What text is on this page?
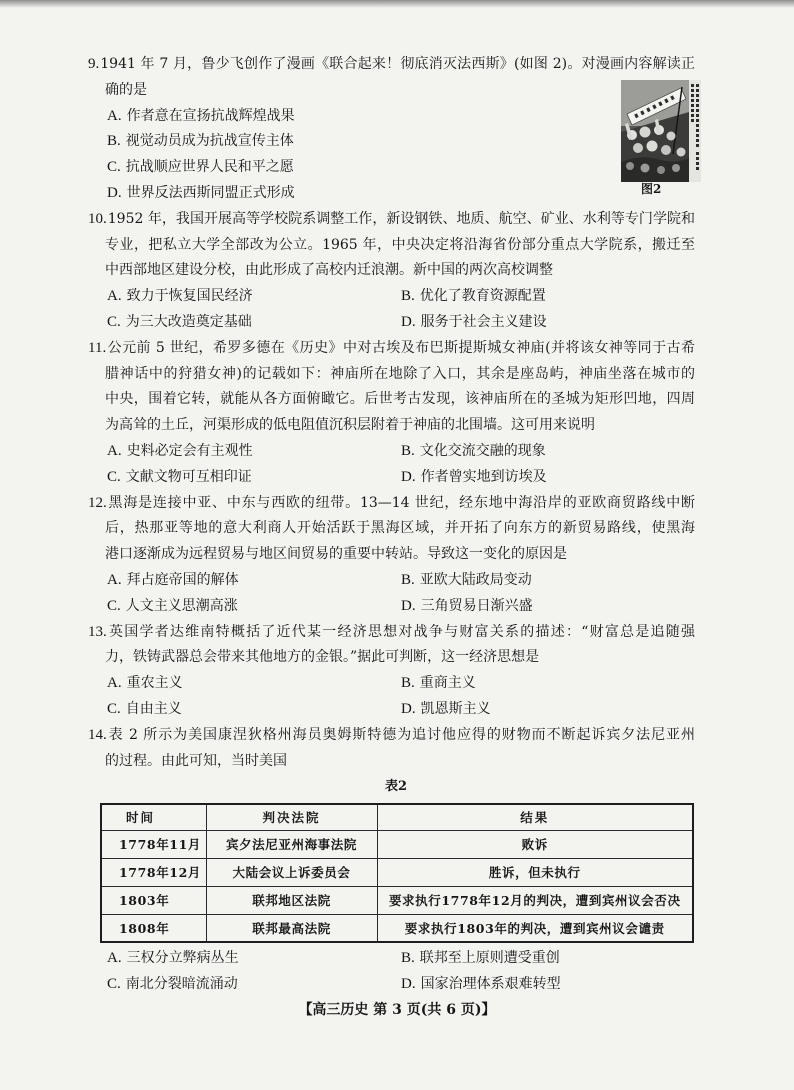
图2
9.1941 年 7 月，鲁少飞创作了漫画《联合起来！彻底消灭法西斯》(如图 2)。对漫画内容解读正
确的是
A. 作者意在宣扬抗战辉煌战果
B. 视觉动员成为抗战宣传主体
C. 抗战顺应世界人民和平之愿
D. 世界反法西斯同盟正式形成
10.1952 年，我国开展高等学校院系调整工作，新设钢铁、地质、航空、矿业、水利等专门学院和
专业，把私立大学全部改为公立。1965 年，中央决定将沿海省份部分重点大学院系，搬迁至
中西部地区建设分校，由此形成了高校内迁浪潮。新中国的两次高校调整
A. 致力于恢复国民经济	B. 优化了教育资源配置
C. 为三大改造奠定基础	D. 服务于社会主义建设
11.公元前 5 世纪，希罗多德在《历史》中对古埃及布巴斯提斯城女神庙(并将该女神等同于古希
腊神话中的狩猎女神)的记载如下：神庙所在地除了入口，其余是座岛屿，神庙坐落在城市的
中央，围着它转，就能从各方面俯瞰它。后世考古发现，该神庙所在的圣城为矩形凹地，四周
为高耸的土丘，河渠形成的低电阻值沉积层附着于神庙的北围墙。这可用来说明
A. 史料必定会有主观性	B. 文化交流交融的现象
C. 文献文物可互相印证	D. 作者曾实地到访埃及
12.黑海是连接中亚、中东与西欧的纽带。13—14 世纪，经东地中海沿岸的亚欧商贸路线中断
后，热那亚等地的意大利商人开始活跃于黑海区域，并开拓了向东方的新贸易路线，使黑海
港口逐渐成为远程贸易与地区间贸易的重要中转站。导致这一变化的原因是
A. 拜占庭帝国的解体	B. 亚欧大陆政局变动
C. 人文主义思潮高涨	D. 三角贸易日渐兴盛
13.英国学者达维南特概括了近代某一经济思想对战争与财富关系的描述：“财富总是追随强
力，铁铸武器总会带来其他地方的金银。”据此可判断，这一经济思想是
A. 重农主义	B. 重商主义
C. 自由主义	D. 凯恩斯主义
14.表 2 所示为美国康涅狄格州海员奥姆斯特德为追讨他应得的财物而不断起诉宾夕法尼亚州
的过程。由此可知，当时美国
表2
时间	判决法院	结果
1778年11月	宾夕法尼亚州海事法院	败诉
1778年12月	大陆会议上诉委员会	胜诉，但未执行
1803年	联邦地区法院	要求执行1778年12月的判决，遭到宾州议会否决
1808年	联邦最高法院	要求执行1803年的判决，遭到宾州议会谴责
A. 三权分立弊病丛生	B. 联邦至上原则遭受重创
C. 南北分裂暗流涌动	D. 国家治理体系艰难转型
【高三历史 第 3 页(共 6 页)】
